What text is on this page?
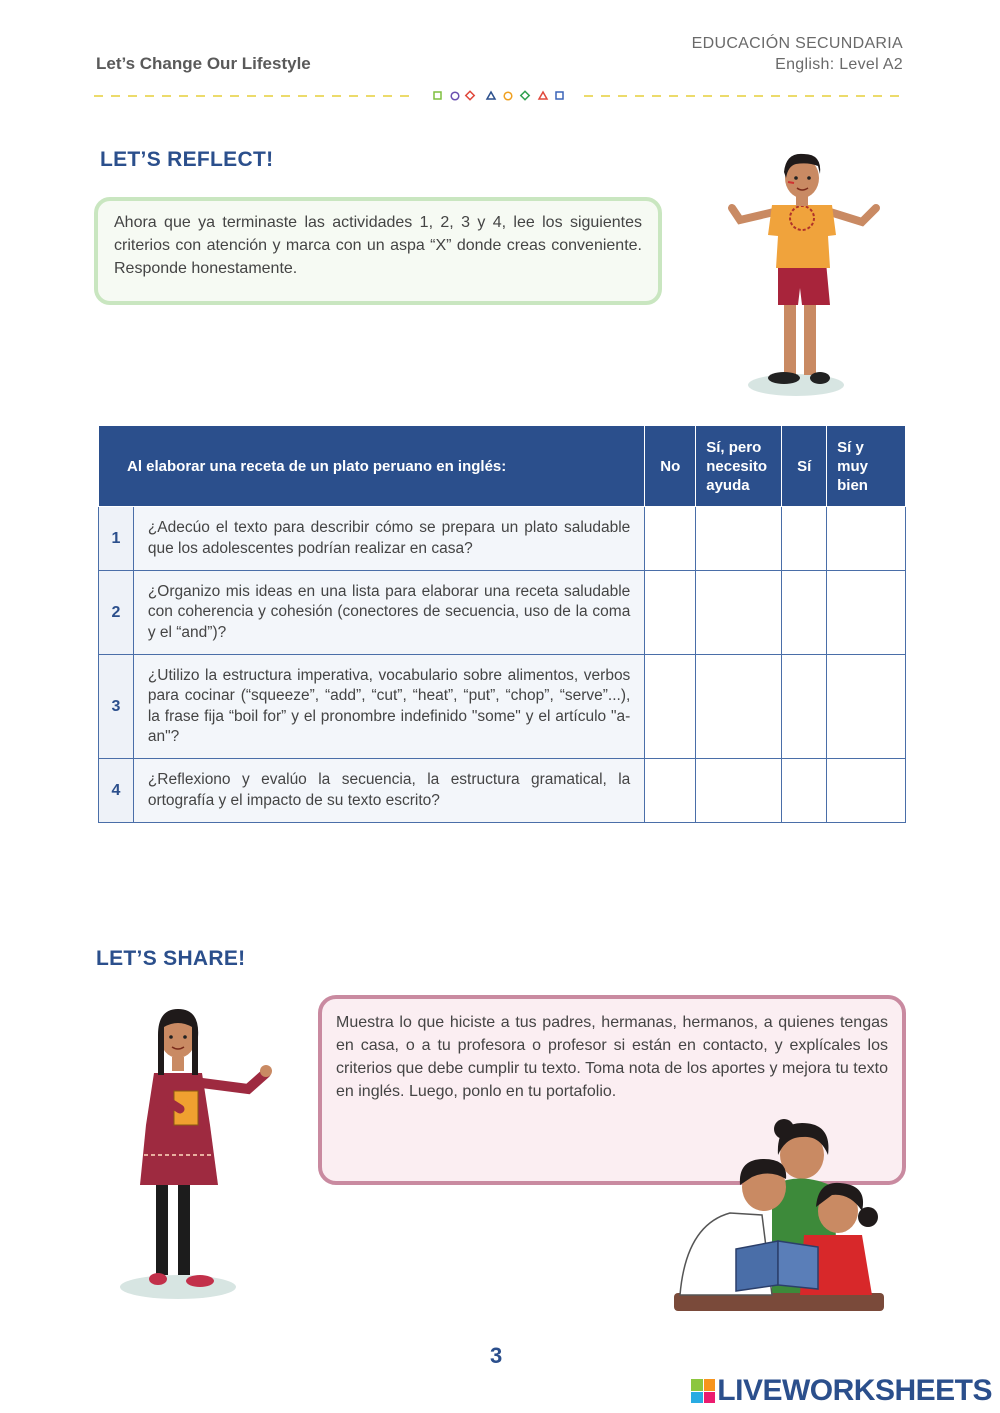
Let’s Change Our Lifestyle
EDUCACIÓN SECUNDARIA
English: Level A2
LET’S REFLECT!
Ahora que ya terminaste las actividades 1, 2, 3 y 4, lee los siguientes criterios con atención y marca con un aspa “X” donde creas conveniente. Responde honestamente.
Al elaborar una receta de un plato peruano en inglés:		No	Sí, pero necesito ayuda	Sí	Sí y muy bien
1	¿Adecúo el texto para describir cómo se prepara un plato saludable que los adolescentes podrían realizar en casa?				
2	¿Organizo mis ideas en una lista para elaborar una receta saludable con coherencia y cohesión (conectores de secuencia, uso de la coma y el “and”)?				
3	¿Utilizo la estructura imperativa, vocabulario sobre alimentos, verbos para cocinar (“squeeze”, “add”, “cut”, “heat”, “put”, “chop”, “serve”...), la frase fija “boil for” y el pronombre indefinido "some" y el artículo "a-an"?				
4	¿Reflexiono y evalúo la secuencia, la estructura gramatical, la ortografía y el impacto de su texto escrito?				
LET’S SHARE!
Muestra lo que hiciste a tus padres, hermanas, hermanos, a quienes tengas en casa, o a tu profesora o profesor si están en contacto, y explícales los criterios que debe cumplir tu texto. Toma nota de los aportes y mejora tu texto en inglés. Luego, ponlo en tu portafolio.
3
LIVEWORKSHEETS
